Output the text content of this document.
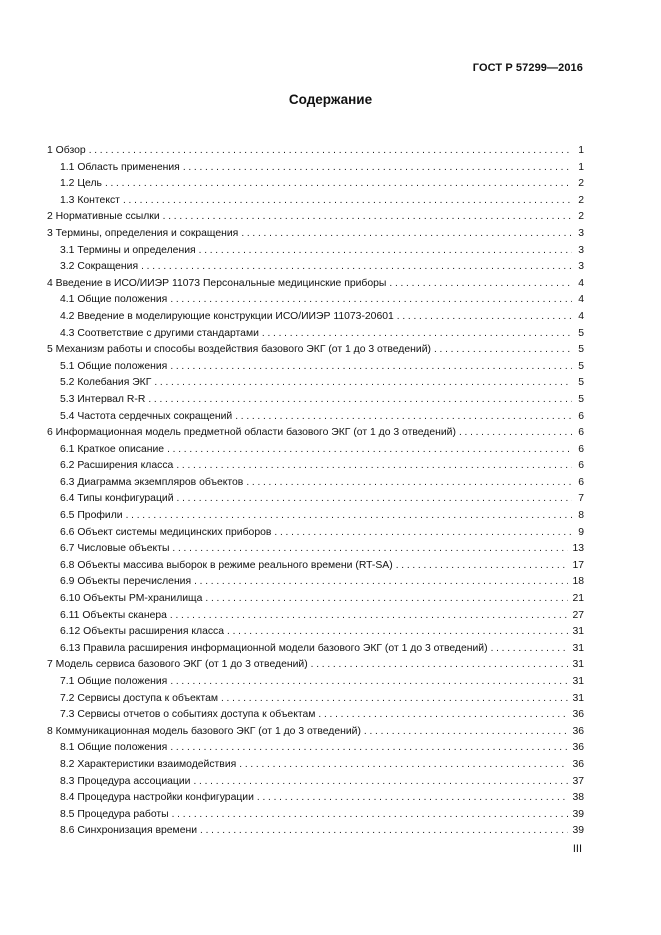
ГОСТ Р 57299—2016
Содержание
1 Обзор . . .	1
1.1 Область применения . . .	1
1.2 Цель . . .	2
1.3 Контекст . . .	2
2 Нормативные ссылки . . .	2
3 Термины, определения и сокращения . . .	3
3.1 Термины и определения . . .	3
3.2 Сокращения . . .	3
4 Введение в ИСО/ИИЭР 11073 Персональные медицинские приборы . . .	4
4.1 Общие положения . . .	4
4.2 Введение в моделирующие конструкции ИСО/ИИЭР 11073-20601 . . .	4
4.3 Соответствие с другими стандартами . . .	5
5 Механизм работы и способы воздействия базового ЭКГ (от 1 до 3 отведений) . . .	5
5.1 Общие положения . . .	5
5.2 Колебания ЭКГ . . .	5
5.3 Интервал R-R . . .	5
5.4 Частота сердечных сокращений . . .	6
6 Информационная модель предметной области базового ЭКГ (от 1 до 3 отведений) . . .	6
6.1 Краткое описание . . .	6
6.2 Расширения класса . . .	6
6.3 Диаграмма экземпляров объектов . . .	6
6.4 Типы конфигураций . . .	7
6.5 Профили . . .	8
6.6 Объект системы медицинских приборов . . .	9
6.7 Числовые объекты . . .	13
6.8 Объекты массива выборок в режиме реального времени (RT-SA) . . .	17
6.9 Объекты перечисления . . .	18
6.10 Объекты PM-хранилища . . .	21
6.11 Объекты сканера . . .	27
6.12 Объекты расширения класса . . .	31
6.13 Правила расширения информационной модели базового ЭКГ (от 1 до 3 отведений) . . .	31
7 Модель сервиса базового ЭКГ (от 1 до 3 отведений) . . .	31
7.1 Общие положения . . .	31
7.2 Сервисы доступа к объектам . . .	31
7.3 Сервисы отчетов о событиях доступа к объектам . . .	36
8 Коммуникационная модель базового ЭКГ (от 1 до 3 отведений) . . .	36
8.1 Общие положения . . .	36
8.2 Характеристики взаимодействия . . .	36
8.3 Процедура ассоциации . . .	37
8.4 Процедура настройки конфигурации . . .	38
8.5 Процедура работы . . .	39
8.6 Синхронизация времени . . .	39
III
